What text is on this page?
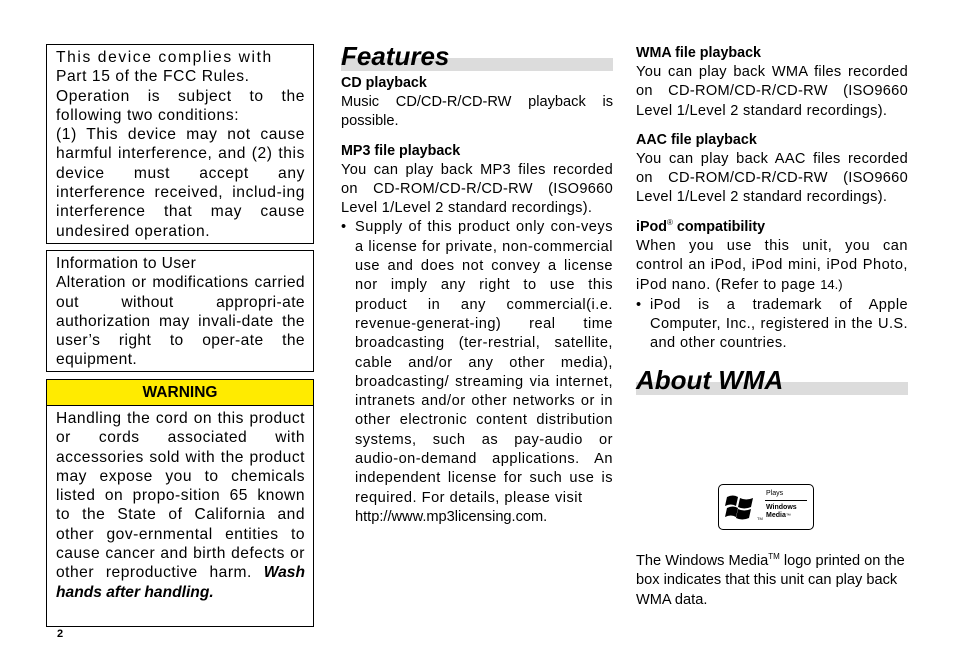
This device complies with

Part 15 of the FCC Rules.

Operation is subject to the following two conditions:

(1) This device may not cause harmful interference, and (2) this device must accept any interference received, includ-ing interference that may cause undesired operation.

Information to User

Alteration or modifications carried out without appropri-ate authorization may invali-date the user’s right to oper-ate the equipment.

WARNING

Handling the cord on this product or cords associated with accessories sold with the product may expose you to chemicals listed on propo-sition 65 known to the State of California and other gov-ernmental entities to cause cancer and birth defects or other reproductive harm. Wash hands after handling.

2
Features

CD playback

Music CD/CD-R/CD-RW playback is possible.

MP3 file playback

You can play back MP3 files recorded on CD-ROM/CD-R/CD-RW (ISO9660 Level 1/Level 2 standard recordings).

• Supply of this product only con-veys a license for private, non-commercial use and does not convey a license nor imply any right to use this product in any commercial(i.e. revenue-generat-ing) real time broadcasting (ter-restrial, satellite, cable and/or any other media), broadcasting/ streaming via internet, intranets and/or other networks or in other electronic content distribution systems, such as pay-audio or audio-on-demand applications. An independent license for such use is required. For details, please visit
http://www.mp3licensing.com.

WMA file playback

You can play back WMA files recorded on CD-ROM/CD-R/CD-RW (ISO9660 Level 1/Level 2 standard recordings).

AAC file playback

You can play back AAC files recorded on CD-ROM/CD-R/CD-RW (ISO9660 Level 1/Level 2 standard recordings).

iPod® compatibility

When you use this unit, you can control an iPod, iPod mini, iPod Photo, iPod nano. (Refer to page 14.)

• iPod is a trademark of Apple Computer, Inc., registered in the U.S. and other countries.
About WMA
TM
Plays
Windows
Media™

The Windows Media™ logo printed on the box indicates that this unit can play back WMA data.
